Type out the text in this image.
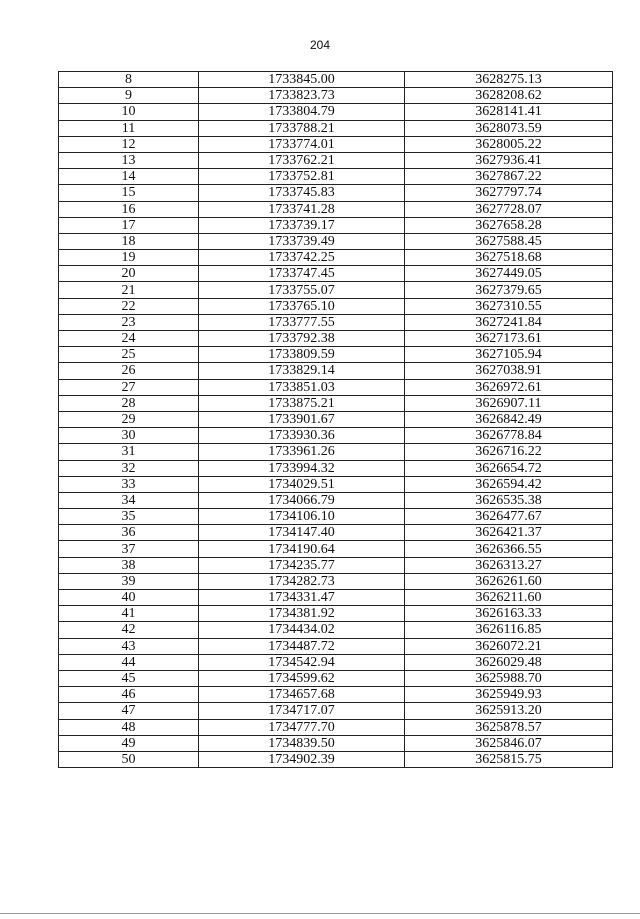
204
8	1733845.00	3628275.13
9	1733823.73	3628208.62
10	1733804.79	3628141.41
11	1733788.21	3628073.59
12	1733774.01	3628005.22
13	1733762.21	3627936.41
14	1733752.81	3627867.22
15	1733745.83	3627797.74
16	1733741.28	3627728.07
17	1733739.17	3627658.28
18	1733739.49	3627588.45
19	1733742.25	3627518.68
20	1733747.45	3627449.05
21	1733755.07	3627379.65
22	1733765.10	3627310.55
23	1733777.55	3627241.84
24	1733792.38	3627173.61
25	1733809.59	3627105.94
26	1733829.14	3627038.91
27	1733851.03	3626972.61
28	1733875.21	3626907.11
29	1733901.67	3626842.49
30	1733930.36	3626778.84
31	1733961.26	3626716.22
32	1733994.32	3626654.72
33	1734029.51	3626594.42
34	1734066.79	3626535.38
35	1734106.10	3626477.67
36	1734147.40	3626421.37
37	1734190.64	3626366.55
38	1734235.77	3626313.27
39	1734282.73	3626261.60
40	1734331.47	3626211.60
41	1734381.92	3626163.33
42	1734434.02	3626116.85
43	1734487.72	3626072.21
44	1734542.94	3626029.48
45	1734599.62	3625988.70
46	1734657.68	3625949.93
47	1734717.07	3625913.20
48	1734777.70	3625878.57
49	1734839.50	3625846.07
50	1734902.39	3625815.75
